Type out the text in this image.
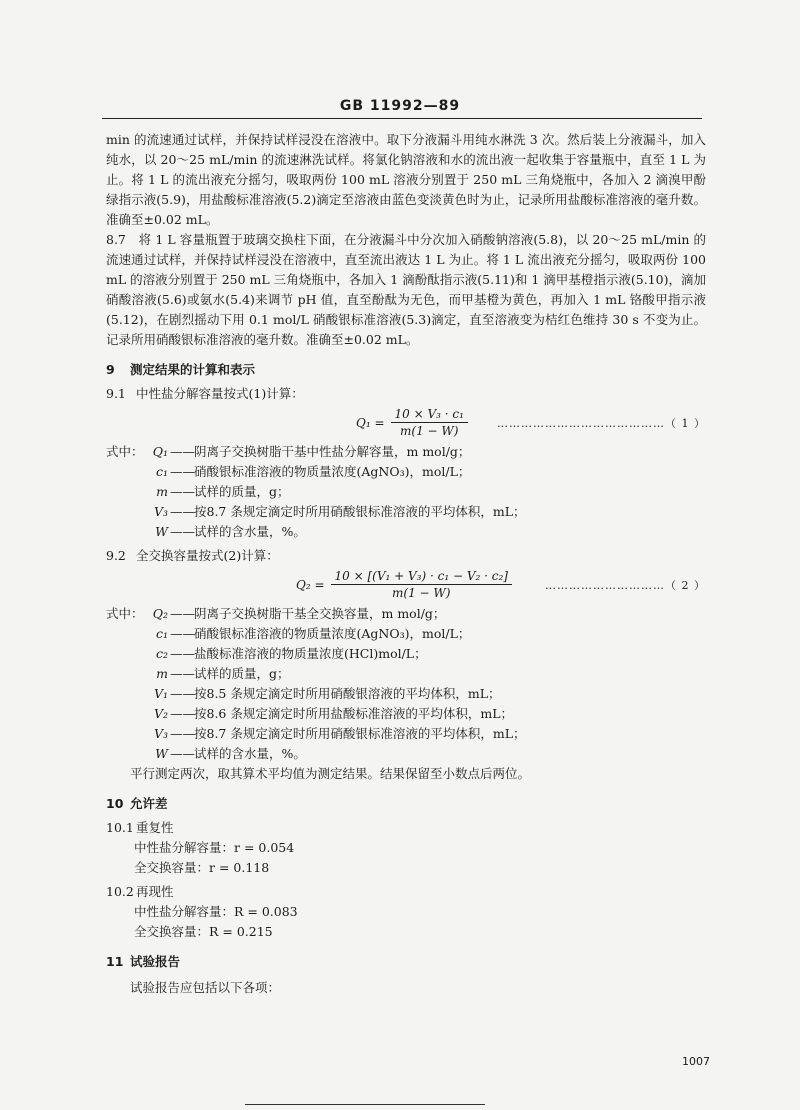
GB 11992—89

min 的流速通过试样，并保持试样浸没在溶液中。取下分液漏斗用纯水淋洗 3 次。然后装上分液漏斗，加入纯水，以 20～25 mL/min 的流速淋洗试样。将氯化钠溶液和水的流出液一起收集于容量瓶中，直至 1 L 为止。将 1 L 的流出液充分摇匀，吸取两份 100 mL 溶液分别置于 250 mL 三角烧瓶中，各加入 2 滴溴甲酚绿指示液(5.9)，用盐酸标准溶液(5.2)滴定至溶液由蓝色变淡黄色时为止，记录所用盐酸标准溶液的毫升数。准确至±0.02 mL。

8.7　将 1 L 容量瓶置于玻璃交换柱下面，在分液漏斗中分次加入硝酸钠溶液(5.8)，以 20～25 mL/min 的流速通过试样，并保持试样浸没在溶液中，直至流出液达 1 L 为止。将 1 L 流出液充分摇匀，吸取两份 100 mL 的溶液分别置于 250 mL 三角烧瓶中，各加入 1 滴酚酞指示液(5.11)和 1 滴甲基橙指示液(5.10)，滴加硝酸溶液(5.6)或氨水(5.4)来调节 pH 值，直至酚酞为无色，而甲基橙为黄色，再加入 1 mL 铬酸甲指示液(5.12)，在剧烈摇动下用 0.1 mol/L 硝酸银标准溶液(5.3)滴定，直至溶液变为桔红色维持 30 s 不变为止。记录所用硝酸银标准溶液的毫升数。准确至±0.02 mL。

9 测定结果的计算和表示

9.1 中性盐分解容量按式(1)计算：

$Q_1 = \frac{\text{10 × V₃ · c₁}}{m(1 - W)}$	……………………………………（ 1 ）
式中： Q₁ —— 阴离子交换树脂干基中性盐分解容量，m mol/g；
c₁ —— 硝酸银标准溶液的物质量浓度(AgNO₃)，mol/L；
m —— 试样的质量，g；
V₃ —— 按8.7 条规定滴定时所用硝酸银标准溶液的平均体积，mL；
W —— 试样的含水量，%。

9.2 全交换容量按式(2)计算：

$Q_2 = \frac{\text{10 × [(V₁ + V₃) · c₁ − V₂ · c₂]}}{m(1 - W)}$	…………………………（ 2 ）
式中： Q₂ —— 阴离子交换树脂干基全交换容量，m mol/g；
c₁ —— 硝酸银标准溶液的物质量浓度(AgNO₃)，mol/L；
c₂ —— 盐酸标准溶液的物质量浓度(HCl)mol/L；
m —— 试样的质量，g；
V₁ —— 按8.5 条规定滴定时所用硝酸银溶液的平均体积，mL；
V₂ —— 按8.6 条规定滴定时所用盐酸标准溶液的平均体积，mL；
V₃ —— 按8.7 条规定滴定时所用硝酸银标准溶液的平均体积，mL；
W —— 试样的含水量，%。

平行测定两次，取其算术平均值为测定结果。结果保留至小数点后两位。

10 允许差

10.1 重复性

中性盐分解容量：r = 0.054

全交换容量：r = 0.118

10.2 再现性

中性盐分解容量：R = 0.083

全交换容量：R = 0.215

11 试验报告

试验报告应包括以下各项：

1007
